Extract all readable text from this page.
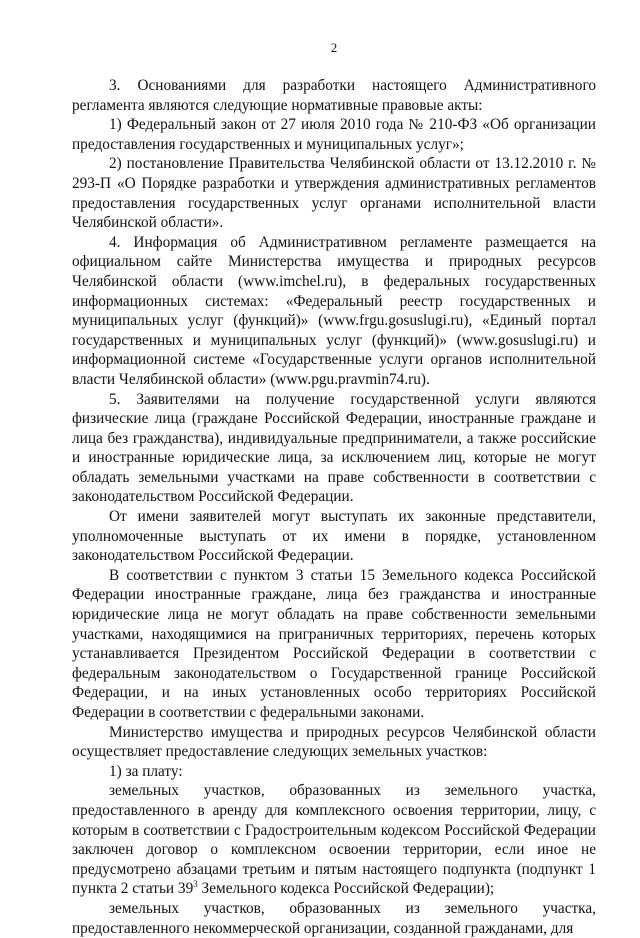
2

3. Основаниями для разработки настоящего Административного регламента являются следующие нормативные правовые акты:

1) Федеральный закон от 27 июля 2010 года № 210-ФЗ «Об организации предоставления государственных и муниципальных услуг»;

2) постановление Правительства Челябинской области от 13.12.2010 г. № 293-П «О Порядке разработки и утверждения административных регламентов предоставления государственных услуг органами исполнительной власти Челябинской области».

4. Информация об Административном регламенте размещается на официальном сайте Министерства имущества и природных ресурсов Челябинской области (www.imchel.ru), в федеральных государственных информационных системах: «Федеральный реестр государственных и муниципальных услуг (функций)» (www.frgu.gosuslugi.ru), «Единый портал государственных и муниципальных услуг (функций)» (www.gosuslugi.ru) и информационной системе «Государственные услуги органов исполнительной власти Челябинской области» (www.pgu.pravmin74.ru).

5. Заявителями на получение государственной услуги являются физические лица (граждане Российской Федерации, иностранные граждане и лица без гражданства), индивидуальные предприниматели, а также российские и иностранные юридические лица, за исключением лиц, которые не могут обладать земельными участками на праве собственности в соответствии с законодательством Российской Федерации.

От имени заявителей могут выступать их законные представители, уполномоченные выступать от их имени в порядке, установленном законодательством Российской Федерации.

В соответствии с пунктом 3 статьи 15 Земельного кодекса Российской Федерации иностранные граждане, лица без гражданства и иностранные юридические лица не могут обладать на праве собственности земельными участками, находящимися на приграничных территориях, перечень которых устанавливается Президентом Российской Федерации в соответствии с федеральным законодательством о Государственной границе Российской Федерации, и на иных установленных особо территориях Российской Федерации в соответствии с федеральными законами.

Министерство имущества и природных ресурсов Челябинской области осуществляет предоставление следующих земельных участков:

1) за плату:

земельных участков, образованных из земельного участка, предоставленного в аренду для комплексного освоения территории, лицу, с которым в соответствии с Градостроительным кодексом Российской Федерации заключен договор о комплексном освоении территории, если иное не предусмотрено абзацами третьим и пятым настоящего подпункта (подпункт 1 пункта 2 статьи $39^3$ Земельного кодекса Российской Федерации);

земельных участков, образованных из земельного участка, предоставленного некоммерческой организации, созданной гражданами, для
